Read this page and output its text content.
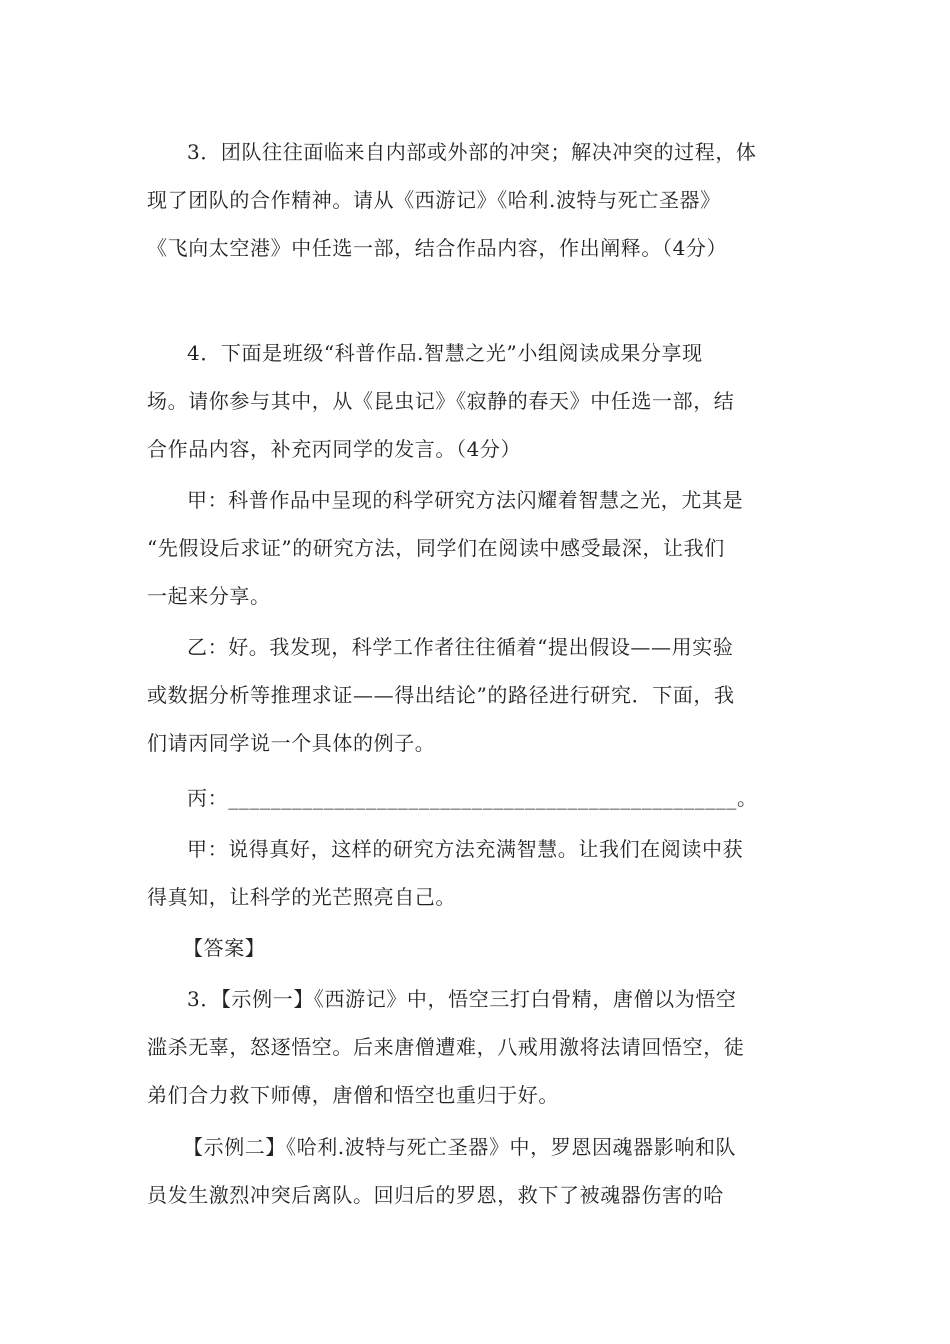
3．团队往往面临来自内部或外部的冲突；解决冲突的过程，体
现了团队的合作精神。请从《西游记》《哈利.波特与死亡圣器》
《飞向太空港》中任选一部，结合作品内容，作出阐释。（4分）
4．下面是班级“科普作品.智慧之光”小组阅读成果分享现
场。请你参与其中，从《昆虫记》《寂静的春天》中任选一部，结
合作品内容，补充丙同学的发言。（4分）
甲：科普作品中呈现的科学研究方法闪耀着智慧之光，尤其是
“先假设后求证”的研究方法，同学们在阅读中感受最深，让我们
一起来分享。
乙：好。我发现，科学工作者往往循着“提出假设——用实验
或数据分析等推理求证——得出结论”的路径进行研究．下面，我
们请丙同学说一个具体的例子。
丙：________________________________________________。
甲：说得真好，这样的研究方法充满智慧。让我们在阅读中获
得真知，让科学的光芒照亮自己。
【答案】
3．【示例一】《西游记》中，悟空三打白骨精，唐僧以为悟空
滥杀无辜，怒逐悟空。后来唐僧遭难，八戒用激将法请回悟空，徒
弟们合力救下师傅，唐僧和悟空也重归于好。
【示例二】《哈利.波特与死亡圣器》中，罗恩因魂器影响和队
员发生激烈冲突后离队。回归后的罗恩，救下了被魂器伤害的哈
